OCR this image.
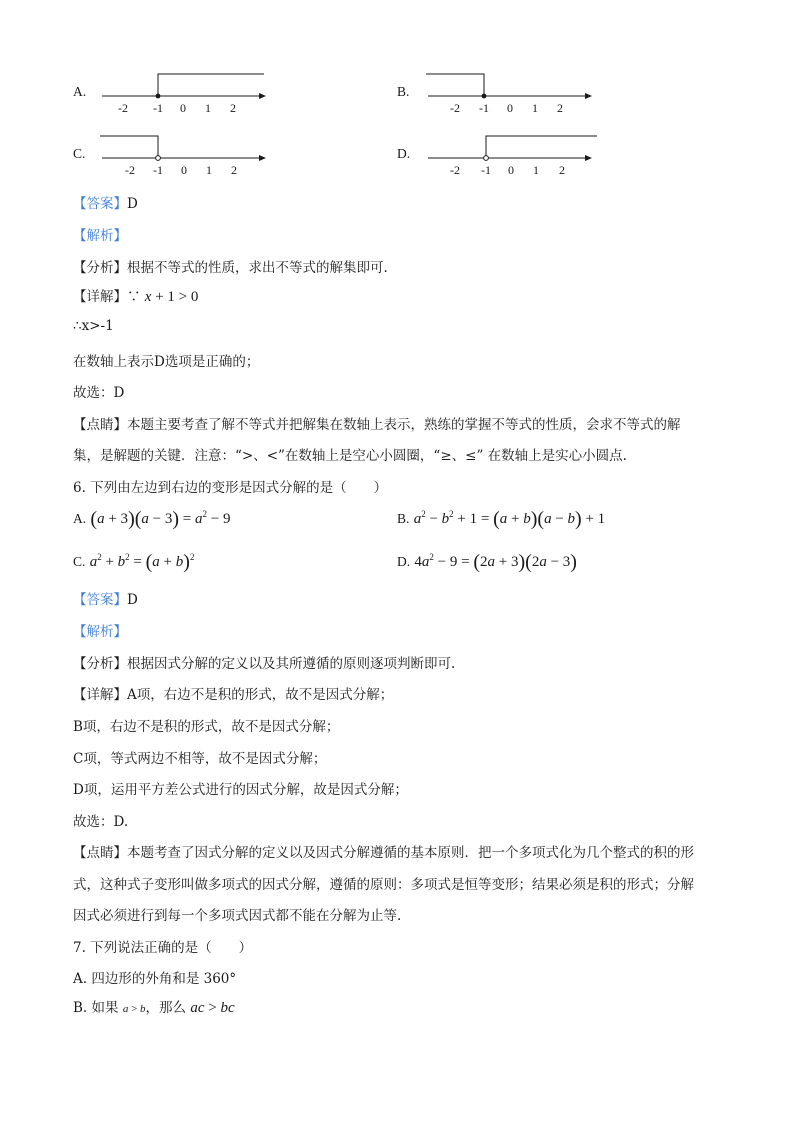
A.
-2 -1 0 1 2
B.
-2 -1 0 1 2
C.
-2 -1 0 1 2
D.
-2 -1 0 1 2
【答案】D
【解析】
【分析】根据不等式的性质，求出不等式的解集即可.
【详解】∵ x + 1 > 0
∴x>-1
在数轴上表示D选项是正确的；
故选：D
【点睛】本题主要考查了解不等式并把解集在数轴上表示，熟练的掌握不等式的性质，会求不等式的解
集，是解题的关键．注意：“>、<”在数轴上是空心小圆圈，“≥、≤” 在数轴上是实心小圆点.
6. 下列由左边到右边的变形是因式分解的是（　　）
A. $(a + 3)(a - 3) = a^2 - 9$	B. $a^2 - b^2 + 1 = (a + b)(a - b) + 1$
C. $a^2 + b^2 = (a + b)^2$	D. $4a^2 - 9 = (2a + 3)(2a - 3)$
【答案】D
【解析】
【分析】根据因式分解的定义以及其所遵循的原则逐项判断即可.
【详解】A项，右边不是积的形式，故不是因式分解；
B项，右边不是积的形式，故不是因式分解；
C项，等式两边不相等，故不是因式分解；
D项，运用平方差公式进行的因式分解，故是因式分解；
故选：D.
【点睛】本题考查了因式分解的定义以及因式分解遵循的基本原则．把一个多项式化为几个整式的积的形
式，这种式子变形叫做多项式的因式分解，遵循的原则：多项式是恒等变形；结果必须是积的形式；分解
因式必须进行到每一个多项式因式都不能在分解为止等.
7. 下列说法正确的是（　　）
A. 四边形的外角和是 360°
B. 如果 a > b，那么 ac > bc
